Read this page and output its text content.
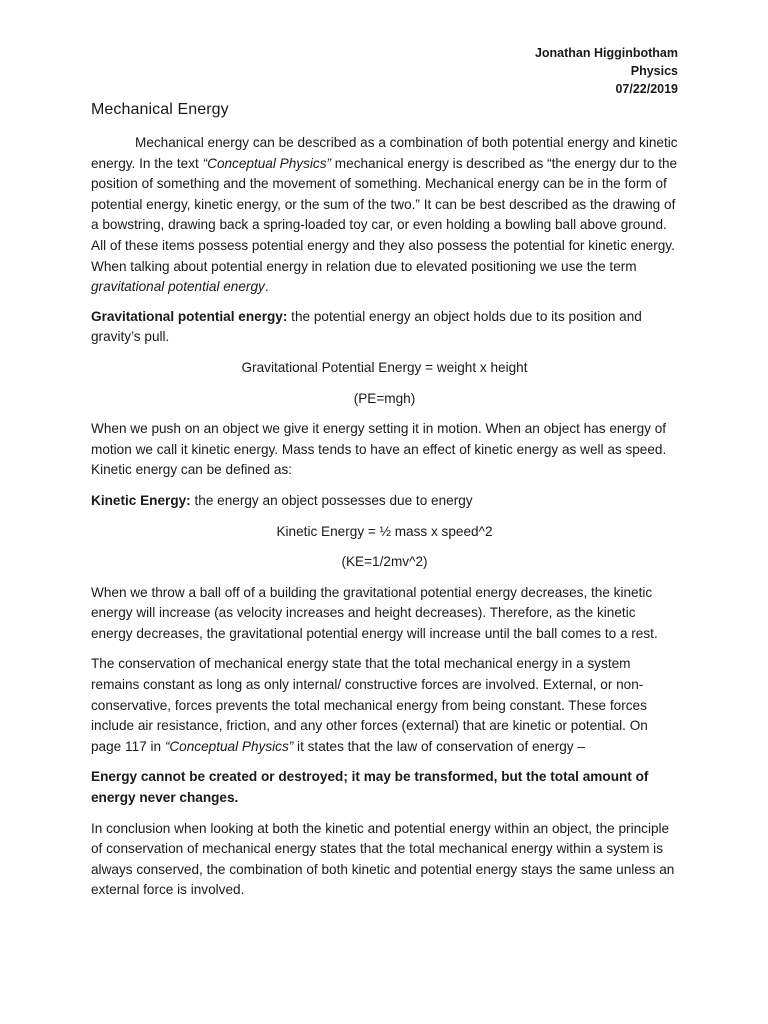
Jonathan Higginbotham
Physics
07/22/2019
Mechanical Energy

Mechanical energy can be described as a combination of both potential energy and kinetic energy. In the text “Conceptual Physics” mechanical energy is described as “the energy dur to the position of something and the movement of something. Mechanical energy can be in the form of potential energy, kinetic energy, or the sum of the two.” It can be best described as the drawing of a bowstring, drawing back a spring-loaded toy car, or even holding a bowling ball above ground. All of these items possess potential energy and they also possess the potential for kinetic energy. When talking about potential energy in relation due to elevated positioning we use the term gravitational potential energy.

Gravitational potential energy: the potential energy an object holds due to its position and gravity’s pull.

Gravitational Potential Energy = weight x height

(PE=mgh)

When we push on an object we give it energy setting it in motion. When an object has energy of motion we call it kinetic energy. Mass tends to have an effect of kinetic energy as well as speed. Kinetic energy can be defined as:

Kinetic Energy: the energy an object possesses due to energy

Kinetic Energy = ½ mass x speed^2

(KE=1/2mv^2)

When we throw a ball off of a building the gravitational potential energy decreases, the kinetic energy will increase (as velocity increases and height decreases). Therefore, as the kinetic energy decreases, the gravitational potential energy will increase until the ball comes to a rest.

The conservation of mechanical energy state that the total mechanical energy in a system remains constant as long as only internal/ constructive forces are involved. External, or non-conservative, forces prevents the total mechanical energy from being constant. These forces include air resistance, friction, and any other forces (external) that are kinetic or potential. On page 117 in “Conceptual Physics” it states that the law of conservation of energy –

Energy cannot be created or destroyed; it may be transformed, but the total amount of energy never changes.

In conclusion when looking at both the kinetic and potential energy within an object, the principle of conservation of mechanical energy states that the total mechanical energy within a system is always conserved, the combination of both kinetic and potential energy stays the same unless an external force is involved.
